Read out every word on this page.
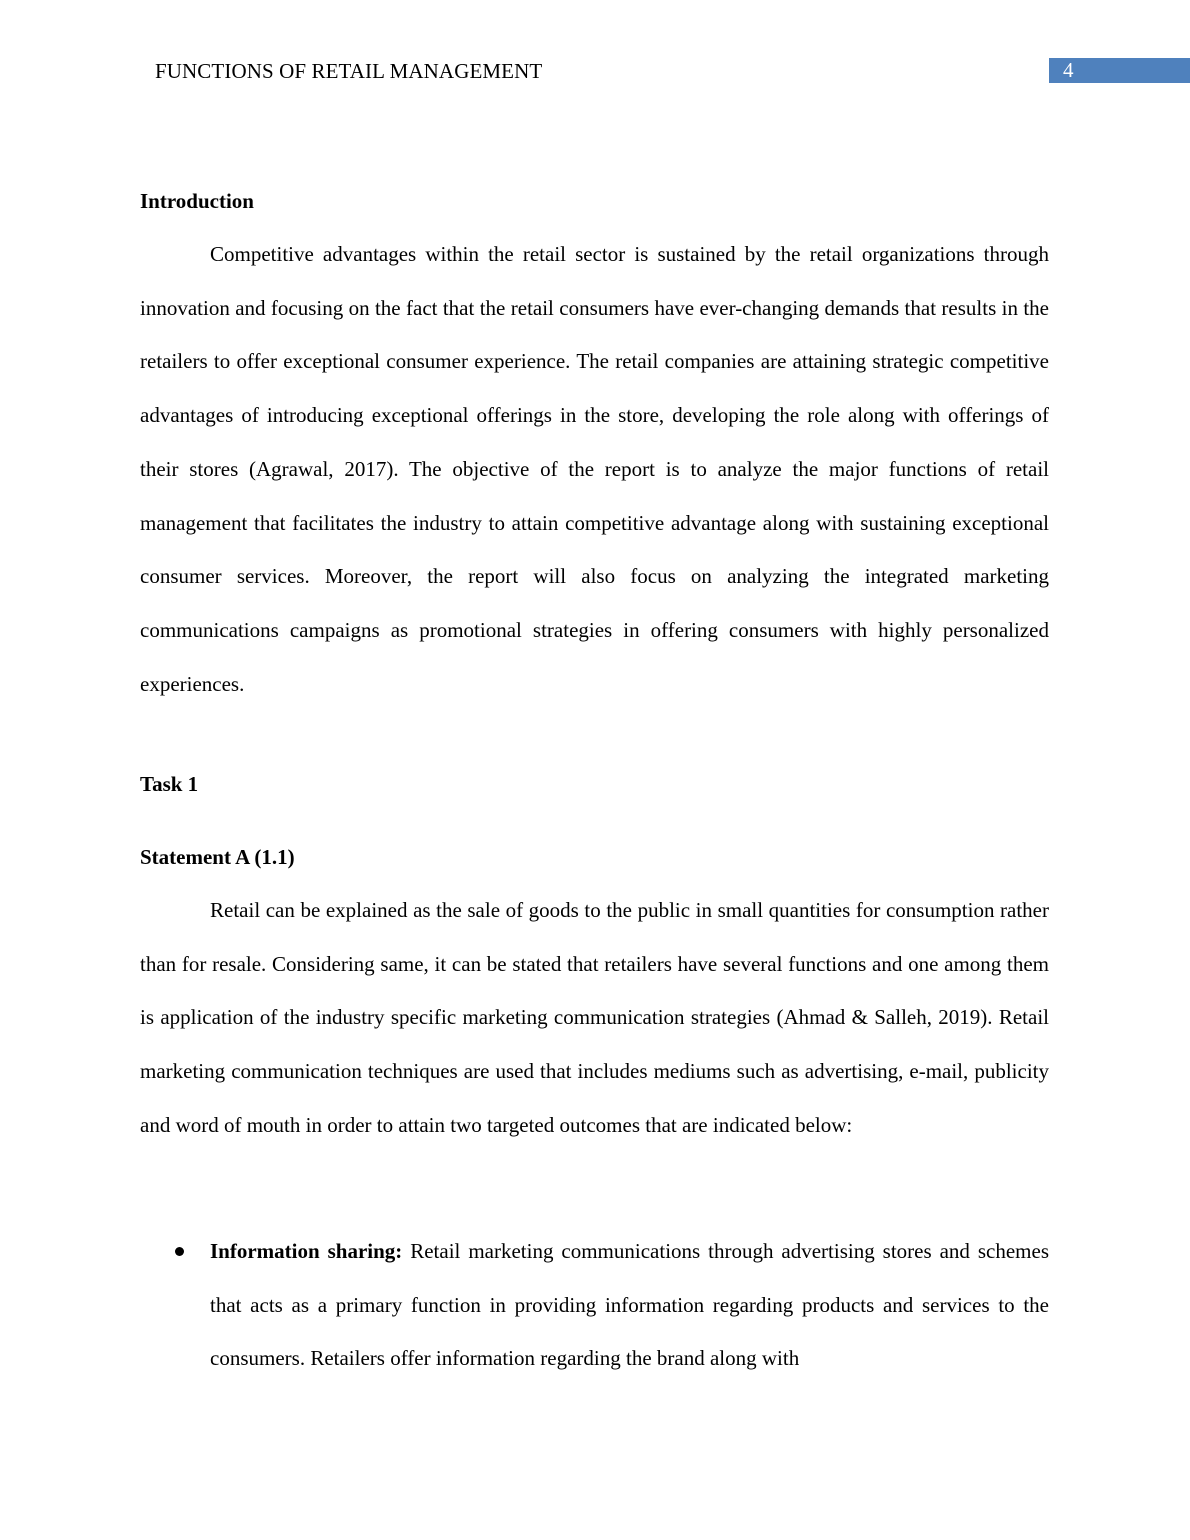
FUNCTIONS OF RETAIL MANAGEMENT	4
Introduction

Competitive advantages within the retail sector is sustained by the retail organizations through innovation and focusing on the fact that the retail consumers have ever-changing demands that results in the retailers to offer exceptional consumer experience. The retail companies are attaining strategic competitive advantages of introducing exceptional offerings in the store, developing the role along with offerings of their stores (Agrawal, 2017). The objective of the report is to analyze the major functions of retail management that facilitates the industry to attain competitive advantage along with sustaining exceptional consumer services. Moreover, the report will also focus on analyzing the integrated marketing communications campaigns as promotional strategies in offering consumers with highly personalized experiences.

Task 1
Statement A (1.1)

Retail can be explained as the sale of goods to the public in small quantities for consumption rather than for resale. Considering same, it can be stated that retailers have several functions and one among them is application of the industry specific marketing communication strategies (Ahmad & Salleh, 2019). Retail marketing communication techniques are used that includes mediums such as advertising, e-mail, publicity and word of mouth in order to attain two targeted outcomes that are indicated below:

Information sharing: Retail marketing communications through advertising stores and schemes that acts as a primary function in providing information regarding products and services to the consumers. Retailers offer information regarding the brand along with
